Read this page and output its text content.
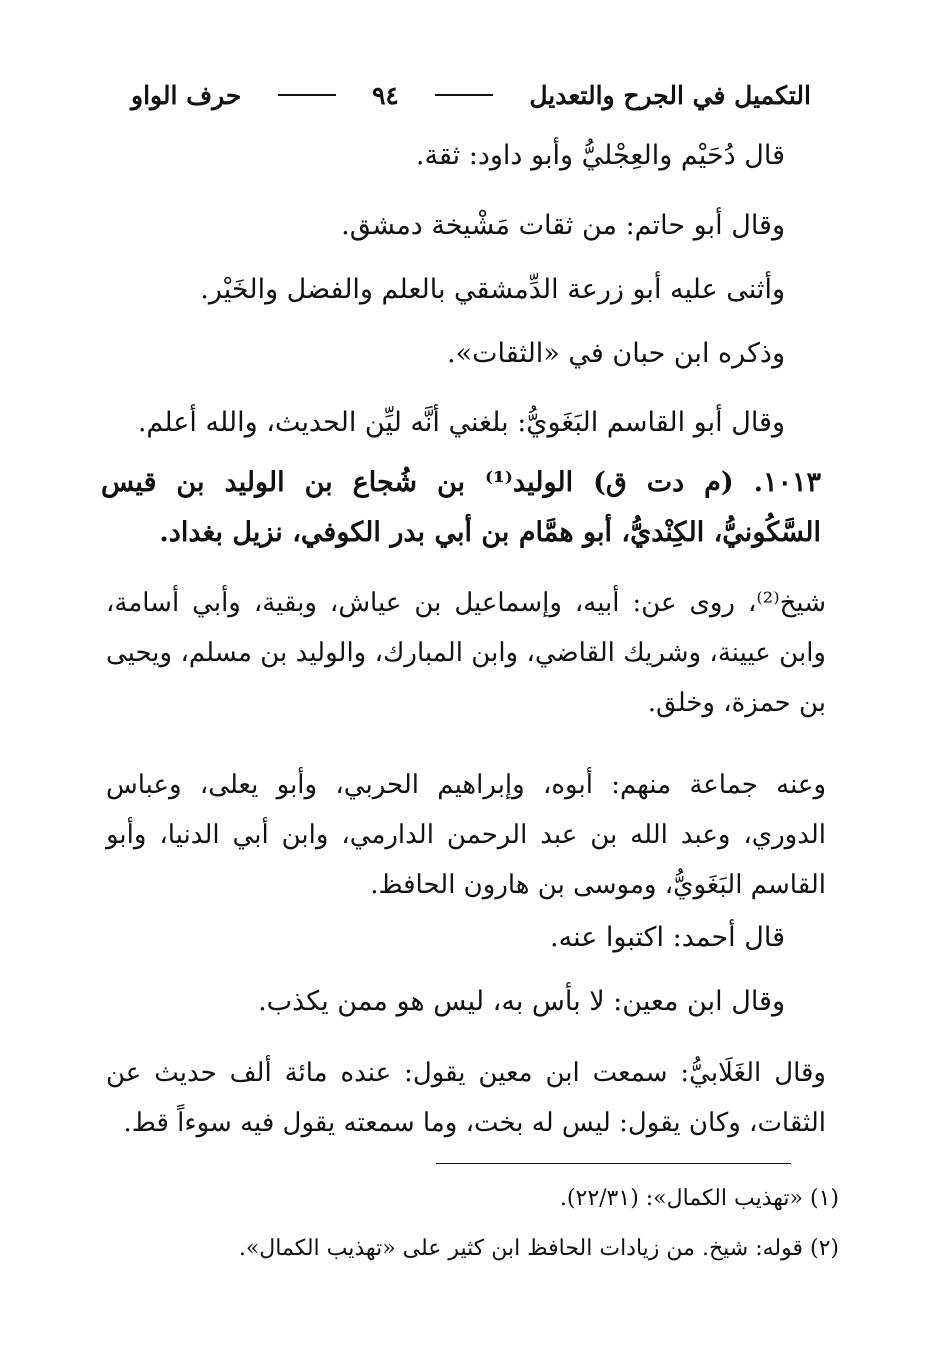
التكميل في الجرح والتعديل
٩٤
حرف الواو
قال دُحَيْم والعِجْليُّ وأبو داود: ثقة.
وقال أبو حاتم: من ثقات مَشْيخة دمشق.
وأثنى عليه أبو زرعة الدِّمشقي بالعلم والفضل والخَيْر.
وذكره ابن حبان في «الثقات».
وقال أبو القاسم البَغَويُّ: بلغني أنَّه ليِّن الحديث، والله أعلم.
١٠١٣. (م دت ق) الوليد⁽¹⁾ بن شُجاع بن الوليد بن قيس السَّكُونيُّ، الكِنْديُّ، أبو همَّام بن أبي بدر الكوفي، نزيل بغداد.
شيخ⁽²⁾، روى عن: أبيه، وإسماعيل بن عياش، وبقية، وأبي أسامة، وابن عيينة، وشريك القاضي، وابن المبارك، والوليد بن مسلم، ويحيى بن حمزة، وخلق.
وعنه جماعة منهم: أبوه، وإبراهيم الحربي، وأبو يعلى، وعباس الدوري، وعبد الله بن عبد الرحمن الدارمي، وابن أبي الدنيا، وأبو القاسم البَغَويُّ، وموسى بن هارون الحافظ.
قال أحمد: اكتبوا عنه.
وقال ابن معين: لا بأس به، ليس هو ممن يكذب.
وقال الغَلَابيُّ: سمعت ابن معين يقول: عنده مائة ألف حديث عن الثقات، وكان يقول: ليس له بخت، وما سمعته يقول فيه سوءاً قط.
(١) «تهذيب الكمال»: (٢٢/٣١).
(٢) قوله: شيخ. من زيادات الحافظ ابن كثير على «تهذيب الكمال».
